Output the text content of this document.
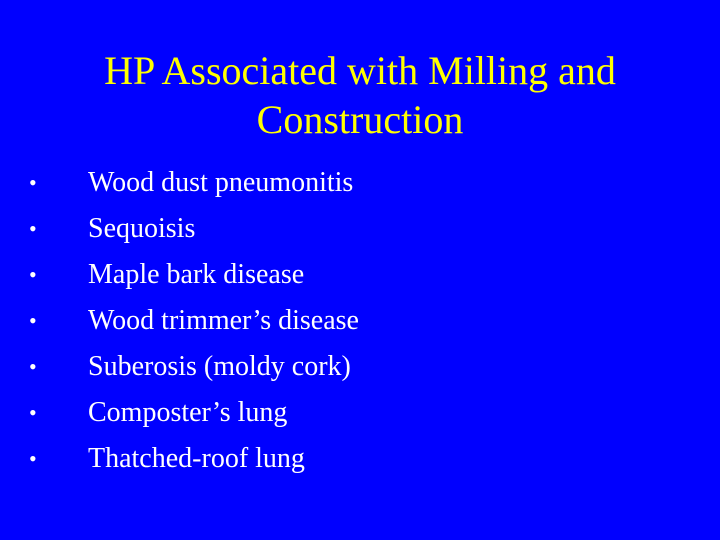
HP Associated with Milling and
Construction
• Wood dust pneumonitis
• Sequoisis
• Maple bark disease
• Wood trimmer’s disease
• Suberosis (moldy cork)
• Composter’s lung
• Thatched-roof lung
